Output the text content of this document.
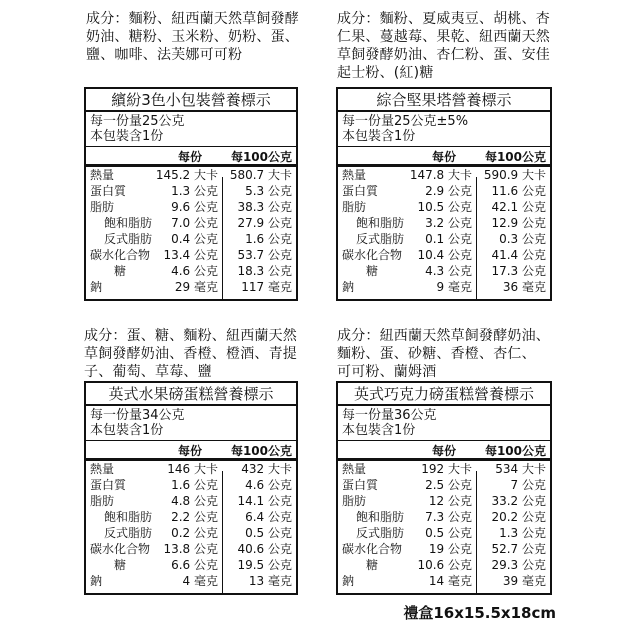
成分：麵粉、紐西蘭天然草飼發酵
奶油、糖粉、玉米粉、奶粉、蛋、
鹽、咖啡、法芙娜可可粉
成分：麵粉、夏威夷豆、胡桃、杏
仁果、蔓越莓、果乾、紐西蘭天然
草飼發酵奶油、杏仁粉、蛋、安佳
起士粉、(紅)糖
成分：蛋、糖、麵粉、紐西蘭天然
草飼發酵奶油、香橙、橙酒、青提
子、葡萄、草莓、鹽
成分：紐西蘭天然草飼發酵奶油、
麵粉、蛋、砂糖、香橙、杏仁、
可可粉、蘭姆酒
繽紛3色小包裝營養標示
每一份量25公克
本包裝含1份
每份 每100公克
熱量	145.2 大卡 580.7 大卡
蛋白質	1.3 公克 5.3 公克
脂肪	9.6 公克 38.3 公克
飽和脂肪 7.0 公克 27.9 公克
反式脂肪 0.4 公克 1.6 公克
碳水化合物 13.4 公克 53.7 公克
糖	4.6 公克 18.3 公克
鈉	29 毫克 117 毫克
綜合堅果塔營養標示
每一份量25公克±5%
本包裝含1份
每份 每100公克
熱量	147.8 大卡 590.9 大卡
蛋白質	2.9 公克 11.6 公克
脂肪	10.5 公克 42.1 公克
飽和脂肪 3.2 公克 12.9 公克
反式脂肪 0.1 公克 0.3 公克
碳水化合物 10.4 公克 41.4 公克
糖	4.3 公克 17.3 公克
鈉	9 毫克	36 毫克
英式水果磅蛋糕營養標示
每一份量34公克
本包裝含1份
每份 每100公克
熱量	146 大卡 432 大卡
蛋白質	1.6 公克 4.6 公克
脂肪	4.8 公克 14.1 公克
飽和脂肪 2.2 公克 6.4 公克
反式脂肪 0.2 公克 0.5 公克
碳水化合物 13.8 公克 40.6 公克
糖	6.6 公克 19.5 公克
鈉	4 毫克	13 毫克
英式巧克力磅蛋糕營養標示
每一份量36公克
本包裝含1份
每份 每100公克
熱量	192 大卡 534 大卡
蛋白質	2.5 公克	7 公克
脂肪	12 公克 33.2 公克
飽和脂肪 7.3 公克 20.2 公克
反式脂肪 0.5 公克 1.3 公克
碳水化合物 19 公克 52.7 公克
糖	10.6 公克 29.3 公克
鈉	14 毫克	39 毫克
禮盒16x15.5x18cm
